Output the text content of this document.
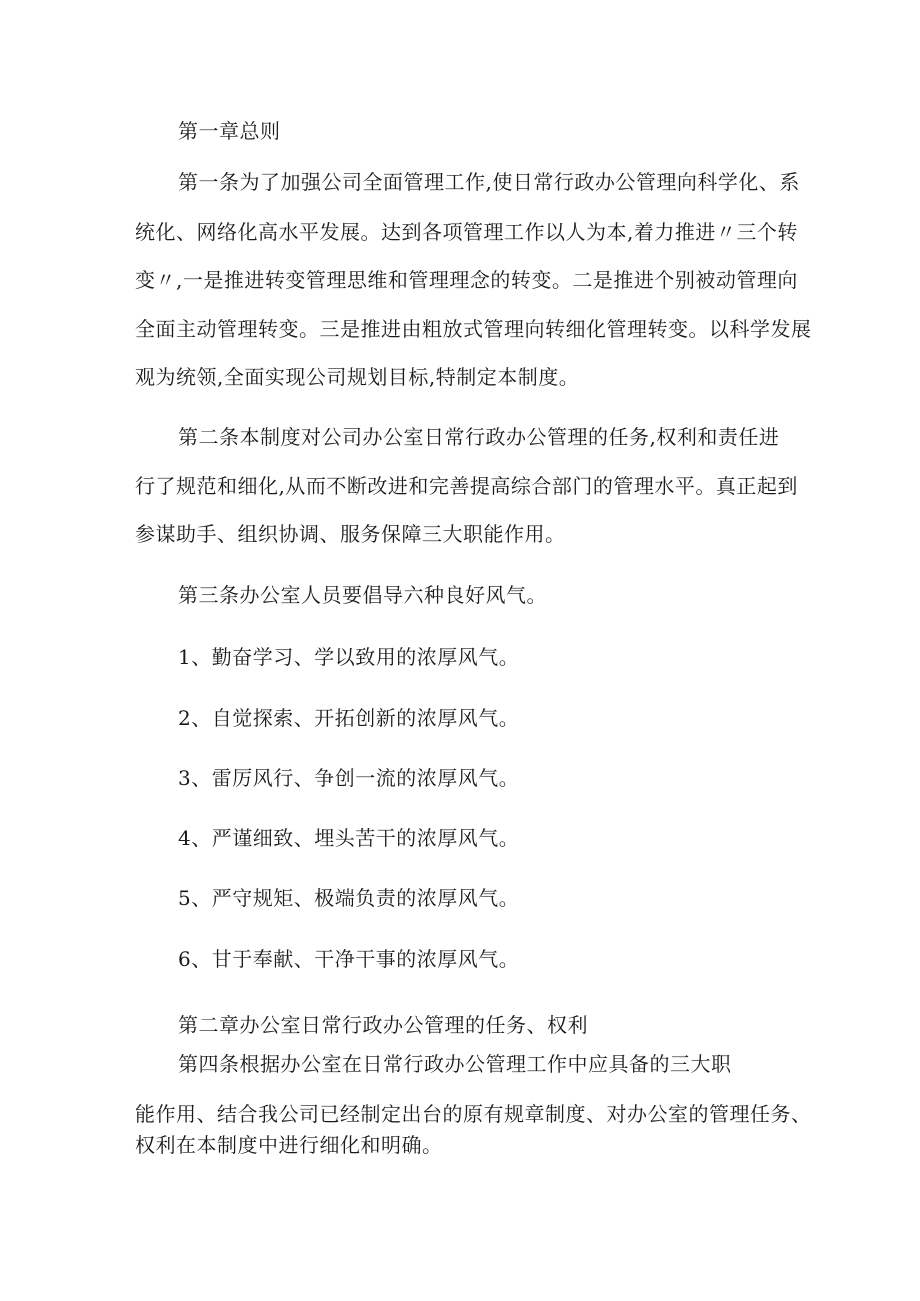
第一章总则

第一条为了加强公司全面管理工作,使日常行政办公管理向科学化、系

统化、网络化高水平发展。达到各项管理工作以人为本,着力推进〃三个转

变〃,一是推进转变管理思维和管理理念的转变。二是推进个别被动管理向

全面主动管理转变。三是推进由粗放式管理向转细化管理转变。以科学发展

观为统领,全面实现公司规划目标,特制定本制度。

第二条本制度对公司办公室日常行政办公管理的任务,权利和责任进

行了规范和细化,从而不断改进和完善提高综合部门的管理水平。真正起到

参谋助手、组织协调、服务保障三大职能作用。

第三条办公室人员要倡导六种良好风气。

1、勤奋学习、学以致用的浓厚风气。

2、自觉探索、开拓创新的浓厚风气。

3、雷厉风行、争创一流的浓厚风气。

4、严谨细致、埋头苦干的浓厚风气。

5、严守规矩、极端负责的浓厚风气。

6、甘于奉献、干净干事的浓厚风气。

第二章办公室日常行政办公管理的任务、权利

第四条根据办公室在日常行政办公管理工作中应具备的三大职

能作用、结合我公司已经制定出台的原有规章制度、对办公室的管理任务、

权利在本制度中进行细化和明确。
